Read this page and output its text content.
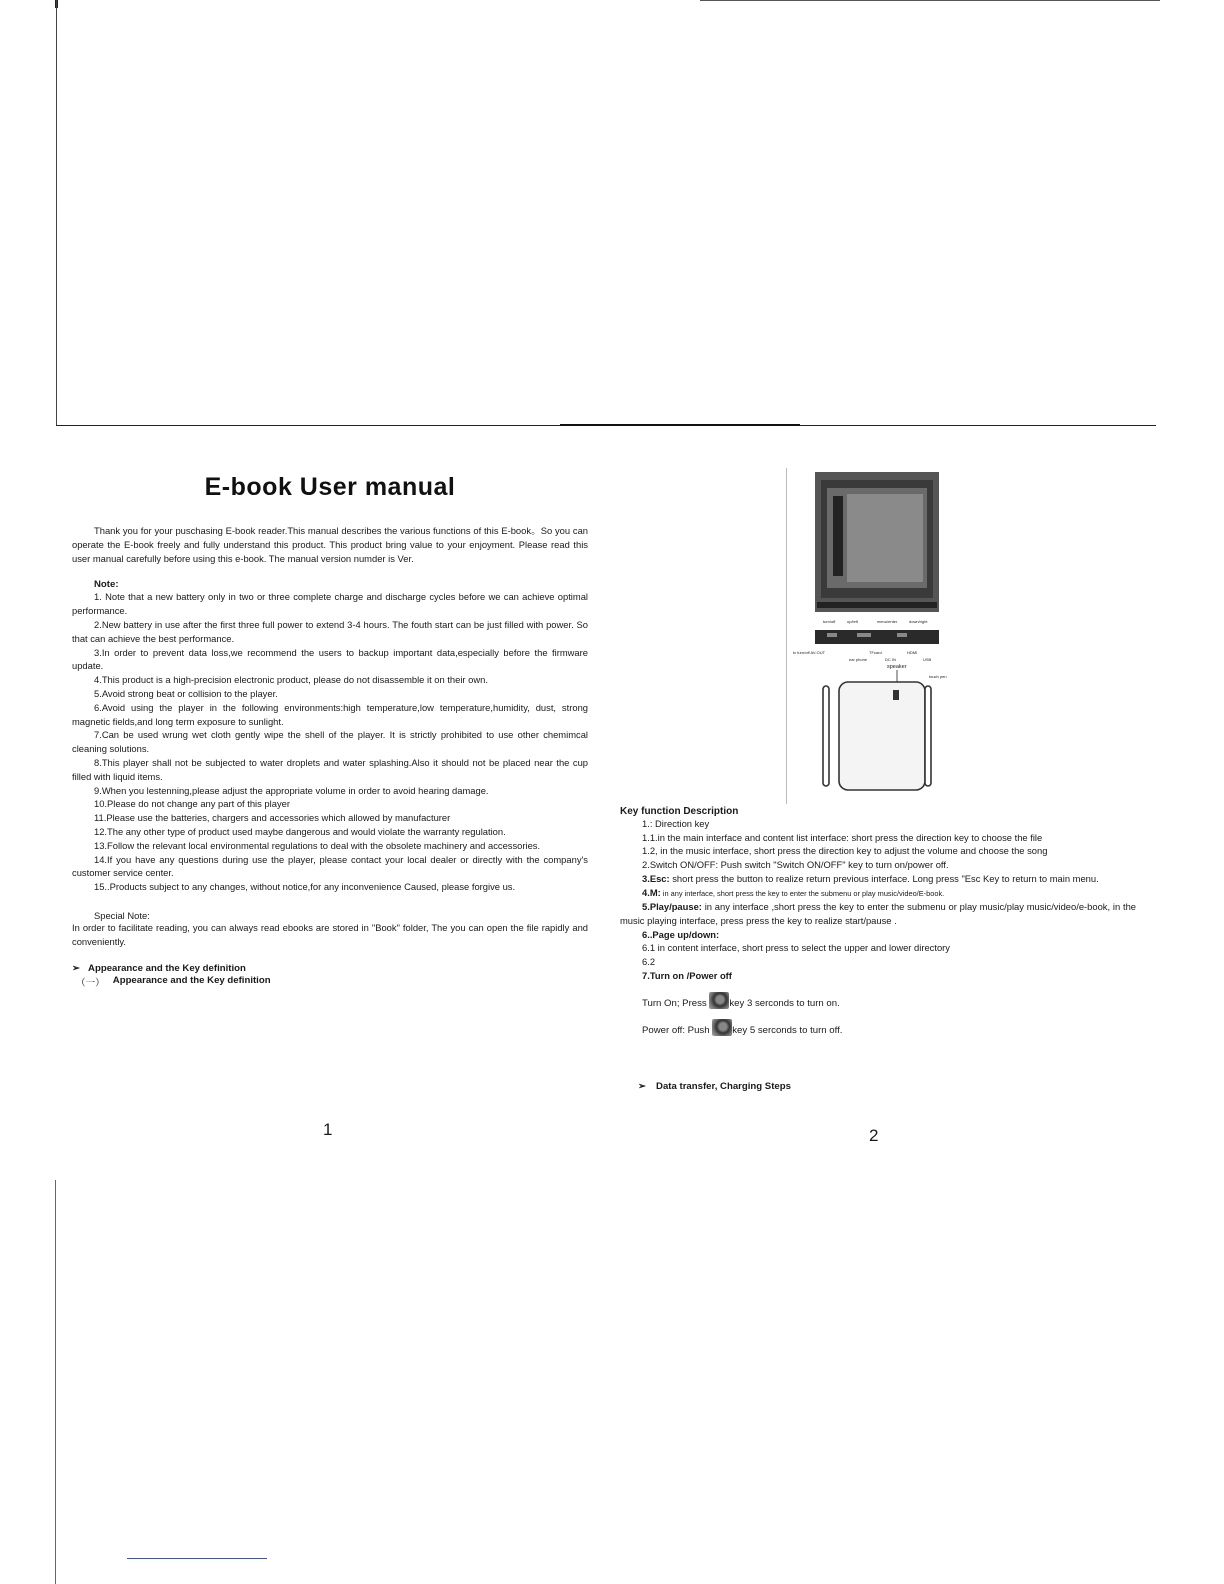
E-book User manual

Thank you for your puschasing E-book reader.This manual describes the various functions of this E-book。So you can operate the E-book freely and fully understand this product. This product bring value to your enjoyment. Please read this user manual carefully before using this e-book. The manual version numder is Ver.

Note:

1. Note that a new battery only in two or three complete charge and discharge cycles before we can achieve optimal performance.

2.New battery in use after the first three full power to extend 3-4 hours. The fouth start can be just filled with power. So that can achieve the best performance.

3.In order to prevent data loss,we recommend the users to backup important data,especially before the firmware update.

4.This product is a high-precision electronic product, please do not disassemble it on their own.

5.Avoid strong beat or collision to the player.

6.Avoid using the player in the following environments:high temperature,low temperature,humidity, dust, strong magnetic fields,and long term exposure to sunlight.

7.Can be used wrung wet cloth gently wipe the shell of the player. It is strictly prohibited to use other chemimcal cleaning solutions.

8.This player shall not be subjected to water droplets and water splashing.Also it should not be placed near the cup filled with liquid items.

9.When you lestenning,please adjust the appropriate volume in order to avoid hearing damage.

10.Please do not change any part of this player

11.Please use the batteries, chargers and accessories which allowed by manufacturer

12.The any other type of product used maybe dangerous and would violate the warranty regulation.

13.Follow the relevant local environmental regulations to deal with the obsolete machinery and accessories.

14.If you have any questions during use the player, please contact your local dealer or directly with the company's customer service center.

15..Products subject to any changes, without notice,for any inconvenience Caused, please forgive us.

Special Note:

In order to facilitate reading, you can always read ebooks are stored in "Book" folder, The you can open the file rapidly and conveniently.

➢ Appearance and the Key definition
（一） Appearance and the Key definition
1
turn/off	up/left	menu/enter	down/right
tv turn/off AV-OUT	TFcard	HDMI
ear phone	DC IN	USB
speaker
touch pen

Key function Description

1.: Direction key

1.1.in the main interface and content list interface: short press the direction key to choose the file

1.2, in the music interface, short press the direction key to adjust the volume and choose the song

2.Switch ON/OFF: Push switch "Switch ON/OFF" key to turn on/power off.

3.Esc: short press the button to realize return previous interface. Long press "Esc Key to return to main menu.

4.M: in any interface, short press the key to enter the submenu or play music/video/E-book.

5.Play/pause: in any interface ,short press the key to enter the submenu or play music/play music/video/e-book, in the music playing interface, press press the key to realize start/pause .

6..Page up/down:

6.1 in content interface, short press to select the upper and lower directory

6.2

7.Turn on /Power off

Turn On; Press key 3 serconds to turn on.
Power off: Push key 5 serconds to turn off.
➢ Data transfer, Charging Steps
2
